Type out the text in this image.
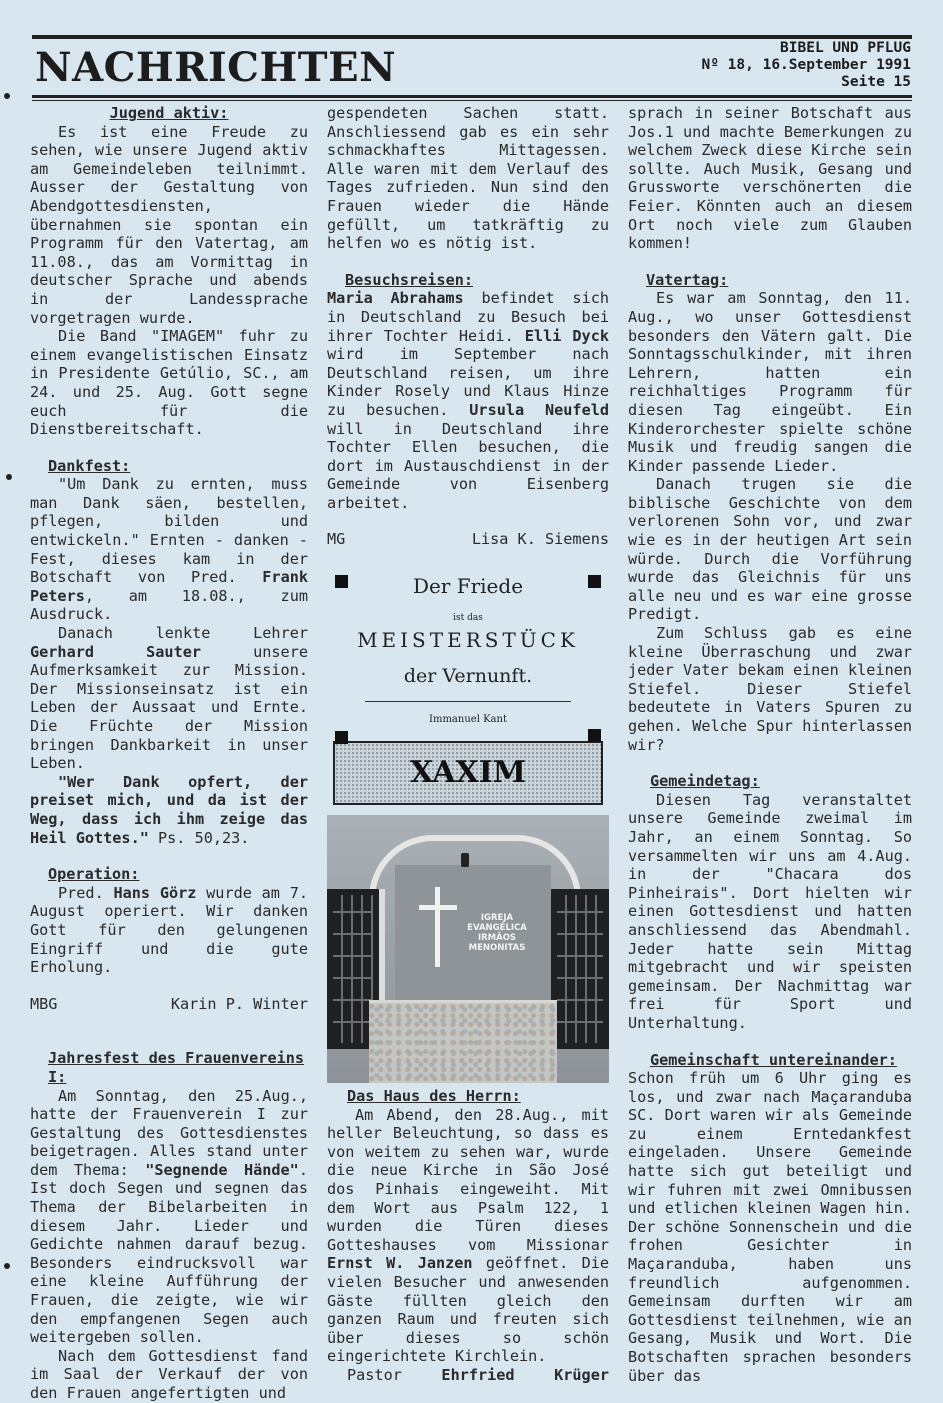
NACHRICHTEN	BIBEL UND PFLUG
Nº 18, 16.September 1991
Seite 15
Jugend aktiv:

Es ist eine Freude zu sehen, wie unsere Jugend aktiv am Gemeindeleben teilnimmt. Ausser der Gestaltung von Abendgottesdiensten, übernahmen sie spontan ein Programm für den Vatertag, am 11.08., das am Vormittag in deutscher Sprache und abends in der Landessprache vorgetragen wurde.

Die Band "IMAGEM" fuhr zu einem evangelistischen Einsatz in Presidente Getúlio, SC., am 24. und 25. Aug. Gott segne euch für die Dienstbereitschaft.

Dankfest:

"Um Dank zu ernten, muss man Dank säen, bestellen, pflegen, bilden und entwickeln." Ernten - danken - Fest, dieses kam in der Botschaft von Pred. Frank Peters, am 18.08., zum Ausdruck.

Danach lenkte Lehrer Gerhard Sauter unsere Aufmerksamkeit zur Mission. Der Missionseinsatz ist ein Leben der Aussaat und Ernte. Die Früchte der Mission bringen Dankbarkeit in unser Leben.

"Wer Dank opfert, der preiset mich, und da ist der Weg, dass ich ihm zeige das Heil Gottes." Ps. 50,23.

Operation:

Pred. Hans Görz wurde am 7. August operiert. Wir danken Gott für den gelungenen Eingriff und die gute Erholung.

MBG	Karin P. Winter
Jahresfest des Frauenvereins I:

Am Sonntag, den 25.Aug., hatte der Frauenverein I zur Gestaltung des Gottesdienstes beigetragen. Alles stand unter dem Thema: "Segnende Hände". Ist doch Segen und segnen das Thema der Bibelarbeiten in diesem Jahr. Lieder und Gedichte nahmen darauf bezug. Besonders eindrucksvoll war eine kleine Aufführung der Frauen, die zeigte, wie wir den empfangenen Segen auch weitergeben sollen.

Nach dem Gottesdienst fand im Saal der Verkauf der von den Frauen angefertigten und

gespendeten Sachen statt. Anschliessend gab es ein sehr schmackhaftes Mittagessen. Alle waren mit dem Verlauf des Tages zufrieden. Nun sind den Frauen wieder die Hände gefüllt, um tatkräftig zu helfen wo es nötig ist.

Besuchsreisen:

Maria Abrahams befindet sich in Deutschland zu Besuch bei ihrer Tochter Heidi. Elli Dyck wird im September nach Deutschland reisen, um ihre Kinder Rosely und Klaus Hinze zu besuchen. Ursula Neufeld will in Deutschland ihre Tochter Ellen besuchen, die dort im Austauschdienst in der Gemeinde von Eisenberg arbeitet.

MG	Lisa K. Siemens
Der Friede
ist das
MEISTERSTÜCK
der Vernunft.
Immanuel Kant
XAXIM
IGREJA EVANGÉLICA IRMÃOS MENONITAS
Das Haus des Herrn:

Am Abend, den 28.Aug., mit heller Beleuchtung, so dass es von weitem zu sehen war, wurde die neue Kirche in São José dos Pinhais eingeweiht. Mit dem Wort aus Psalm 122, 1 wurden die Türen dieses Gotteshauses vom Missionar Ernst W. Janzen geöffnet. Die vielen Besucher und anwesenden Gäste füllten gleich den ganzen Raum und freuten sich über dieses so schön eingerichtete Kirchlein.

Pastor	Ehrfried	Krüger

sprach in seiner Botschaft aus Jos.1 und machte Bemerkungen zu welchem Zweck diese Kirche sein sollte. Auch Musik, Gesang und Grussworte verschönerten die Feier. Könnten auch an diesem Ort noch viele zum Glauben kommen!

Vatertag:

Es war am Sonntag, den 11. Aug., wo unser Gottesdienst besonders den Vätern galt. Die Sonntagsschulkinder, mit ihren Lehrern, hatten ein reichhaltiges Programm für diesen Tag eingeübt. Ein Kinderorchester spielte schöne Musik und freudig sangen die Kinder passende Lieder.

Danach trugen sie die biblische Geschichte von dem verlorenen Sohn vor, und zwar wie es in der heutigen Art sein würde. Durch die Vorführung wurde das Gleichnis für uns alle neu und es war eine grosse Predigt.

Zum Schluss gab es eine kleine Überraschung und zwar jeder Vater bekam einen kleinen Stiefel. Dieser Stiefel bedeutete in Vaters Spuren zu gehen. Welche Spur hinterlassen wir?

Gemeindetag:

Diesen Tag veranstaltet unsere Gemeinde zweimal im Jahr, an einem Sonntag. So versammelten wir uns am 4.Aug. in der "Chacara dos Pinheirais". Dort hielten wir einen Gottesdienst und hatten anschliessend das Abendmahl. Jeder hatte sein Mittag mitgebracht und wir speisten gemeinsam. Der Nachmittag war frei für Sport und Unterhaltung.

Gemeinschaft untereinander:

Schon früh um 6 Uhr ging es los, und zwar nach Maçaranduba SC. Dort waren wir als Gemeinde zu einem Erntedankfest eingeladen. Unsere Gemeinde hatte sich gut beteiligt und wir fuhren mit zwei Omnibussen und etlichen kleinen Wagen hin. Der schöne Sonnenschein und die frohen Gesichter in Maçaranduba, haben uns freundlich aufgenommen. Gemeinsam durften wir am Gottesdienst teilnehmen, wie an Gesang, Musik und Wort. Die Botschaften sprachen besonders über das
